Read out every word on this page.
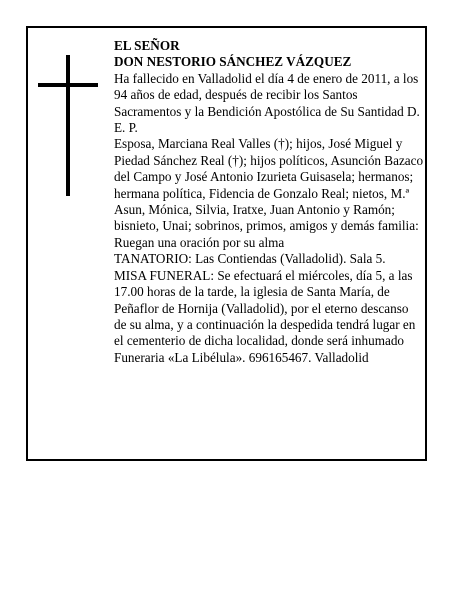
EL SEÑOR
DON NESTORIO SÁNCHEZ VÁZQUEZ
Ha fallecido en Valladolid el día 4 de enero de 2011, a los 94 años de edad, después de recibir los Santos Sacramentos y la Bendición Apostólica de Su Santidad D. E. P.
Esposa, Marciana Real Valles (†); hijos, José Miguel y Piedad Sánchez Real (†); hijos políticos, Asunción Bazaco del Campo y José Antonio Izurieta Guisasela; hermanos; hermana política, Fidencia de Gonzalo Real; nietos, M.ª Asun, Mónica, Silvia, Iratxe, Juan Antonio y Ramón; bisnieto, Unai; sobrinos, primos, amigos y demás familia:
Ruegan una oración por su alma
TANATORIO: Las Contiendas (Valladolid). Sala 5.
MISA FUNERAL: Se efectuará el miércoles, día 5, a las 17.00 horas de la tarde, la iglesia de Santa María, de Peñaflor de Hornija (Valladolid), por el eterno descanso de su alma, y a continuación la despedida tendrá lugar en el cementerio de dicha localidad, donde será inhumado
Funeraria «La Libélula». 696165467. Valladolid
